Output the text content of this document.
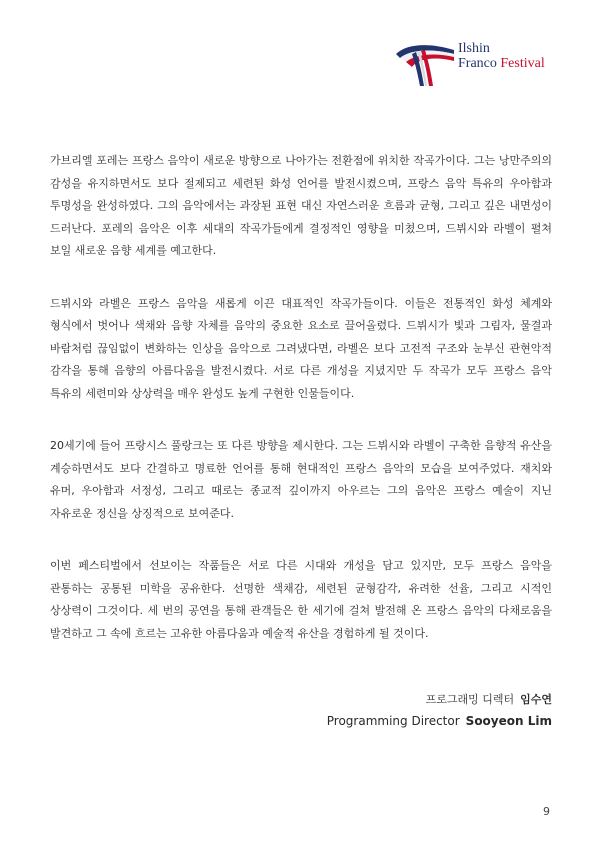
Ilshin
Franco Festival

가브리엘 포레는 프랑스 음악이 새로운 방향으로 나아가는 전환점에 위치한 작곡가이다. 그는 낭만주의의 감성을 유지하면서도 보다 절제되고 세련된 화성 언어를 발전시켰으며, 프랑스 음악 특유의 우아함과 투명성을 완성하였다. 그의 음악에서는 과장된 표현 대신 자연스러운 흐름과 균형, 그리고 깊은 내면성이 드러난다. 포레의 음악은 이후 세대의 작곡가들에게 결정적인 영향을 미쳤으며, 드뷔시와 라벨이 펼쳐 보일 새로운 음향 세계를 예고한다.

드뷔시와 라벨은 프랑스 음악을 새롭게 이끈 대표적인 작곡가들이다. 이들은 전통적인 화성 체계와 형식에서 벗어나 색채와 음향 자체를 음악의 중요한 요소로 끌어올렸다. 드뷔시가 빛과 그림자, 물결과 바람처럼 끊임없이 변화하는 인상을 음악으로 그려냈다면, 라벨은 보다 고전적 구조와 눈부신 관현악적 감각을 통해 음향의 아름다움을 발전시켰다. 서로 다른 개성을 지녔지만 두 작곡가 모두 프랑스 음악 특유의 세련미와 상상력을 매우 완성도 높게 구현한 인물들이다.

20세기에 들어 프랑시스 풀랑크는 또 다른 방향을 제시한다. 그는 드뷔시와 라벨이 구축한 음향적 유산을 계승하면서도 보다 간결하고 명료한 언어를 통해 현대적인 프랑스 음악의 모습을 보여주었다. 재치와 유머, 우아함과 서정성, 그리고 때로는 종교적 깊이까지 아우르는 그의 음악은 프랑스 예술이 지닌 자유로운 정신을 상징적으로 보여준다.

이번 페스티벌에서 선보이는 작품들은 서로 다른 시대와 개성을 담고 있지만, 모두 프랑스 음악을 관통하는 공통된 미학을 공유한다. 선명한 색채감, 세련된 균형감각, 유려한 선율, 그리고 시적인 상상력이 그것이다. 세 번의 공연을 통해 관객들은 한 세기에 걸쳐 발전해 온 프랑스 음악의 다채로움을 발견하고 그 속에 흐르는 고유한 아름다움과 예술적 유산을 경험하게 될 것이다.

프로그래밍 디렉터 임수연
Programming Director Sooyeon Lim
9
